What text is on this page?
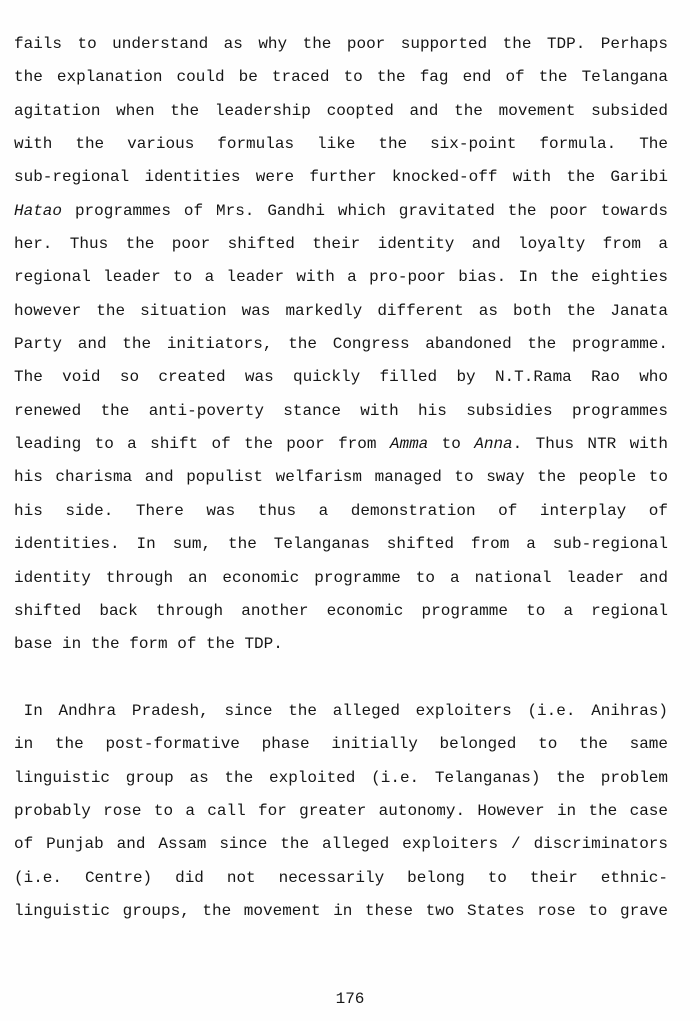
fails to understand as why the poor supported the TDP. Perhaps
the explanation could be traced to the fag end of the Telangana
agitation when the leadership coopted and the movement subsided
with the various formulas like the six-point formula. The
sub-regional identities were further knocked-off with the Garibi
Hatao programmes of Mrs. Gandhi which gravitated the poor towards
her. Thus the poor shifted their identity and loyalty from a
regional leader to a leader with a pro-poor bias. In the eighties
however the situation was markedly different as both the Janata
Party and the initiators, the Congress abandoned the programme.
The void so created was quickly filled by N.T.Rama Rao who
renewed the anti-poverty stance with his subsidies programmes
leading to a shift of the poor from Amma to Anna. Thus NTR with
his charisma and populist welfarism managed to sway the people to
his side. There was thus a demonstration of interplay of
identities. In sum, the Telanganas shifted from a sub-regional
identity through an economic programme to a national leader and
shifted back through another economic programme to a regional
base in the form of the TDP.
In Andhra Pradesh, since the alleged exploiters (i.e. Anihras)
in the post-formative phase initially belonged to the same
linguistic group as the exploited (i.e. Telanganas) the problem
probably rose to a call for greater autonomy. However in the case
of Punjab and Assam since the alleged exploiters / discriminators
(i.e. Centre) did not necessarily belong to their ethnic-
linguistic groups, the movement in these two States rose to grave
176
